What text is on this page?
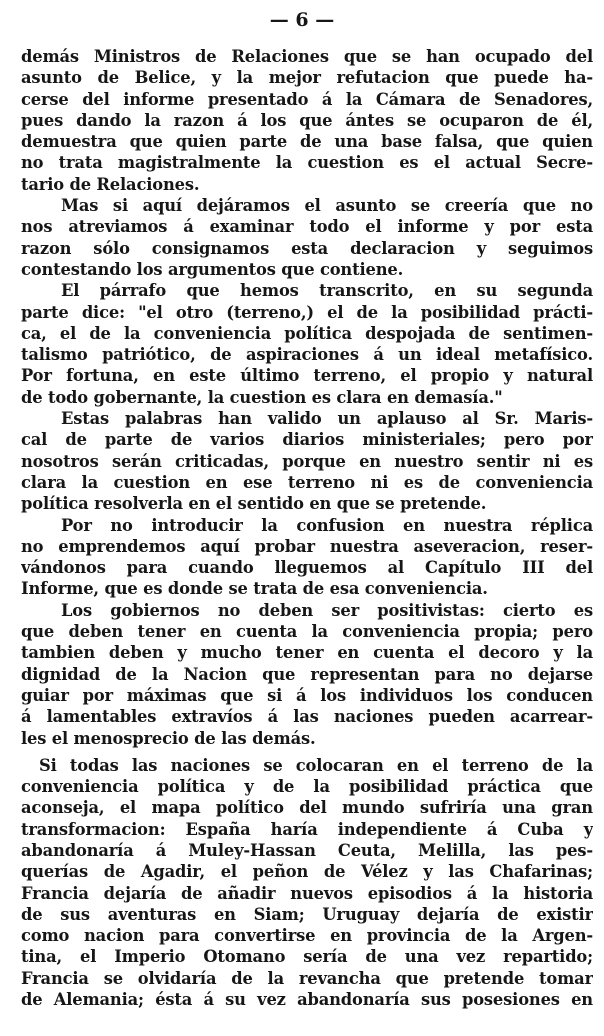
— 6 —
demás Ministros de Relaciones que se han ocupado del
asunto de Belice, y la mejor refutacion que puede ha-
cerse del informe presentado á la Cámara de Senadores,
pues dando la razon á los que ántes se ocuparon de él,
demuestra que quien parte de una base falsa, que quien
no trata magistralmente la cuestion es el actual Secre-
tario de Relaciones.
Mas si aquí dejáramos el asunto se creería que no
nos atreviamos á examinar todo el informe y por esta
razon sólo consignamos esta declaracion y seguimos
contestando los argumentos que contiene.
El párrafo que hemos transcrito, en su segunda
parte dice: "el otro (terreno,) el de la posibilidad prácti-
ca, el de la conveniencia política despojada de sentimen-
talismo patriótico, de aspiraciones á un ideal metafísico.
Por fortuna, en este último terreno, el propio y natural
de todo gobernante, la cuestion es clara en demasía."
Estas palabras han valido un aplauso al Sr. Maris-
cal de parte de varios diarios ministeriales; pero por
nosotros serán criticadas, porque en nuestro sentir ni es
clara la cuestion en ese terreno ni es de conveniencia
política resolverla en el sentido en que se pretende.
Por no introducir la confusion en nuestra réplica
no emprendemos aquí probar nuestra aseveracion, reser-
vándonos para cuando lleguemos al Capítulo III del
Informe, que es donde se trata de esa conveniencia.
Los gobiernos no deben ser positivistas: cierto es
que deben tener en cuenta la conveniencia propia; pero
tambien deben y mucho tener en cuenta el decoro y la
dignidad de la Nacion que representan para no dejarse
guiar por máximas que si á los individuos los conducen
á lamentables extravíos á las naciones pueden acarrear-
les el menosprecio de las demás.
Si todas las naciones se colocaran en el terreno de la
conveniencia política y de la posibilidad práctica que
aconseja, el mapa político del mundo sufriría una gran
transformacion: España haría independiente á Cuba y
abandonaría á Muley-Hassan Ceuta, Melilla, las pes-
querías de Agadir, el peñon de Vélez y las Chafarinas;
Francia dejaría de añadir nuevos episodios á la historia
de sus aventuras en Siam; Uruguay dejaría de existir
como nacion para convertirse en provincia de la Argen-
tina, el Imperio Otomano sería de una vez repartido;
Francia se olvidaría de la revancha que pretende tomar
de Alemania; ésta á su vez abandonaría sus posesiones en
